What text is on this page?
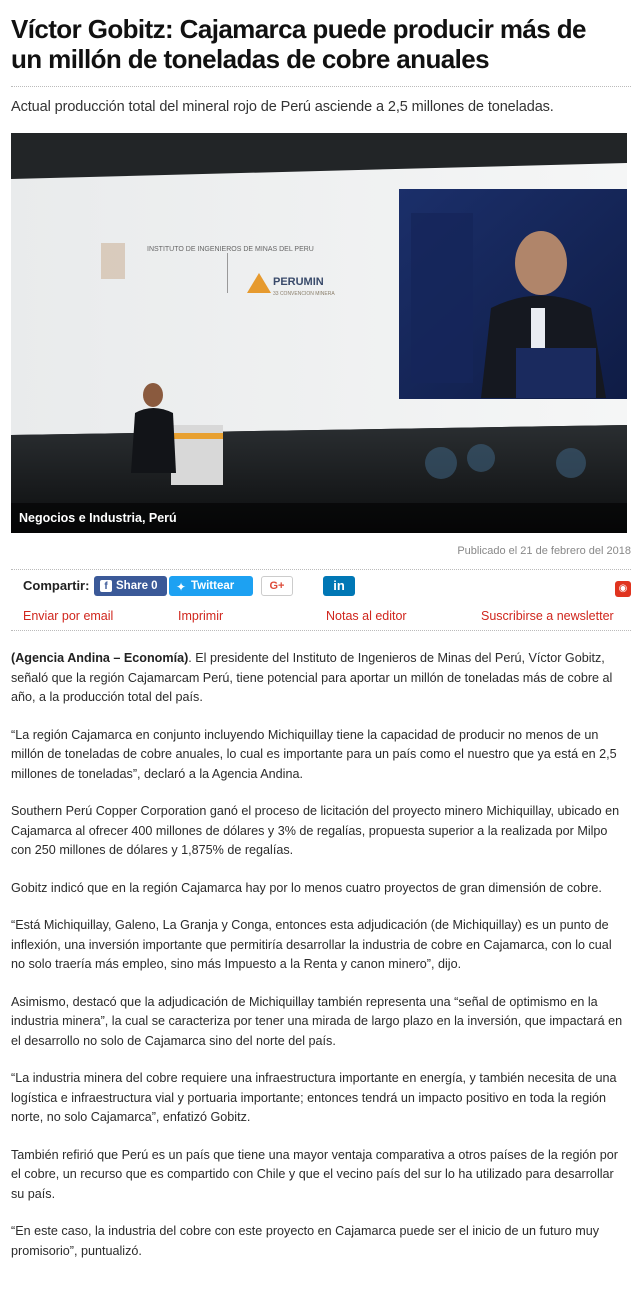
Víctor Gobitz: Cajamarca puede producir más de un millón de toneladas de cobre anuales

Actual producción total del mineral rojo de Perú asciende a 2,5 millones de toneladas.

INSTITUTO DE INGENIEROS DE MINAS DEL PERU
PERUMIN
33 CONVENCION MINERA
Negocios e Industria, Perú
Publicado el 21 de febrero del 2018
Compartir:	f Share 0	✦ Twittear	G+	in	◉
Enviar por email	Imprimir	Notas al editor	Suscribirse a newsletter

(Agencia Andina – Economía). El presidente del Instituto de Ingenieros de Minas del Perú, Víctor Gobitz, señaló que la región Cajamarcam Perú, tiene potencial para aportar un millón de toneladas más de cobre al año, a la producción total del país.

“La región Cajamarca en conjunto incluyendo Michiquillay tiene la capacidad de producir no menos de un millón de toneladas de cobre anuales, lo cual es importante para un país como el nuestro que ya está en 2,5 millones de toneladas”, declaró a la Agencia Andina.

Southern Perú Copper Corporation ganó el proceso de licitación del proyecto minero Michiquillay, ubicado en Cajamarca al ofrecer 400 millones de dólares y 3% de regalías, propuesta superior a la realizada por Milpo con 250 millones de dólares y 1,875% de regalías.

Gobitz indicó que en la región Cajamarca hay por lo menos cuatro proyectos de gran dimensión de cobre.

“Está Michiquillay, Galeno, La Granja y Conga, entonces esta adjudicación (de Michiquillay) es un punto de inflexión, una inversión importante que permitiría desarrollar la industria de cobre en Cajamarca, con lo cual no solo traería más empleo, sino más Impuesto a la Renta y canon minero”, dijo.

Asimismo, destacó que la adjudicación de Michiquillay también representa una “señal de optimismo en la industria minera”, la cual se caracteriza por tener una mirada de largo plazo en la inversión, que impactará en el desarrollo no solo de Cajamarca sino del norte del país.

“La industria minera del cobre requiere una infraestructura importante en energía, y también necesita de una logística e infraestructura vial y portuaria importante; entonces tendrá un impacto positivo en toda la región norte, no solo Cajamarca”, enfatizó Gobitz.

También refirió que Perú es un país que tiene una mayor ventaja comparativa a otros países de la región por el cobre, un recurso que es compartido con Chile y que el vecino país del sur lo ha utilizado para desarrollar su país.

“En este caso, la industria del cobre con este proyecto en Cajamarca puede ser el inicio de un futuro muy promisorio”, puntualizó.
